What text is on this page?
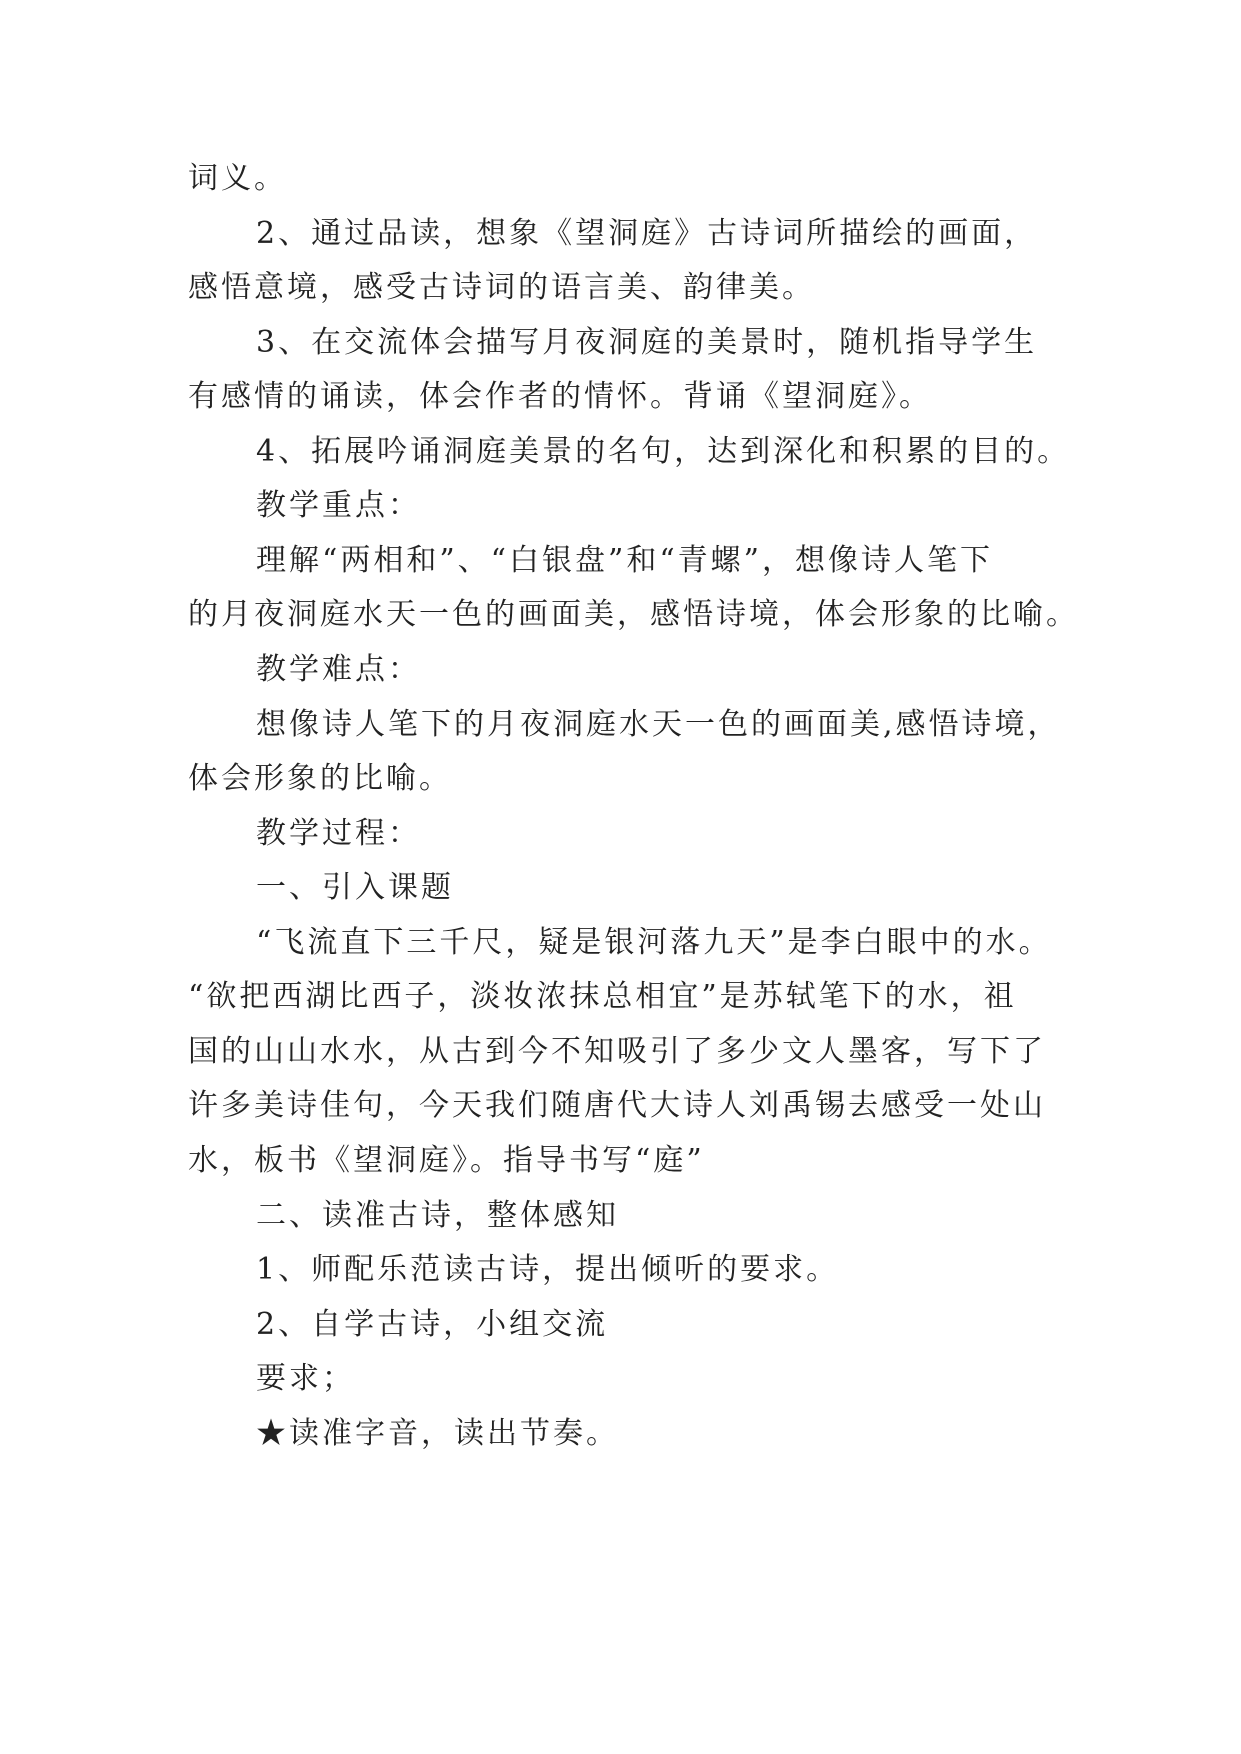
词义。
2、通过品读，想象《望洞庭》古诗词所描绘的画面，
感悟意境，感受古诗词的语言美、韵律美。
3、在交流体会描写月夜洞庭的美景时，随机指导学生
有感情的诵读，体会作者的情怀。背诵《望洞庭》。
4、拓展吟诵洞庭美景的名句，达到深化和积累的目的。
教学重点：
理解“两相和”、“白银盘”和“青螺”，想像诗人笔下
的月夜洞庭水天一色的画面美，感悟诗境，体会形象的比喻。
教学难点：
想像诗人笔下的月夜洞庭水天一色的画面美,感悟诗境，
体会形象的比喻。
教学过程：
一、引入课题
“飞流直下三千尺，疑是银河落九天”是李白眼中的水。
“欲把西湖比西子，淡妆浓抹总相宜”是苏轼笔下的水，祖
国的山山水水，从古到今不知吸引了多少文人墨客，写下了
许多美诗佳句，今天我们随唐代大诗人刘禹锡去感受一处山
水，板书《望洞庭》。指导书写“庭”
二、读准古诗，整体感知
1、师配乐范读古诗，提出倾听的要求。
2、自学古诗，小组交流
要求；
★读准字音，读出节奏。
